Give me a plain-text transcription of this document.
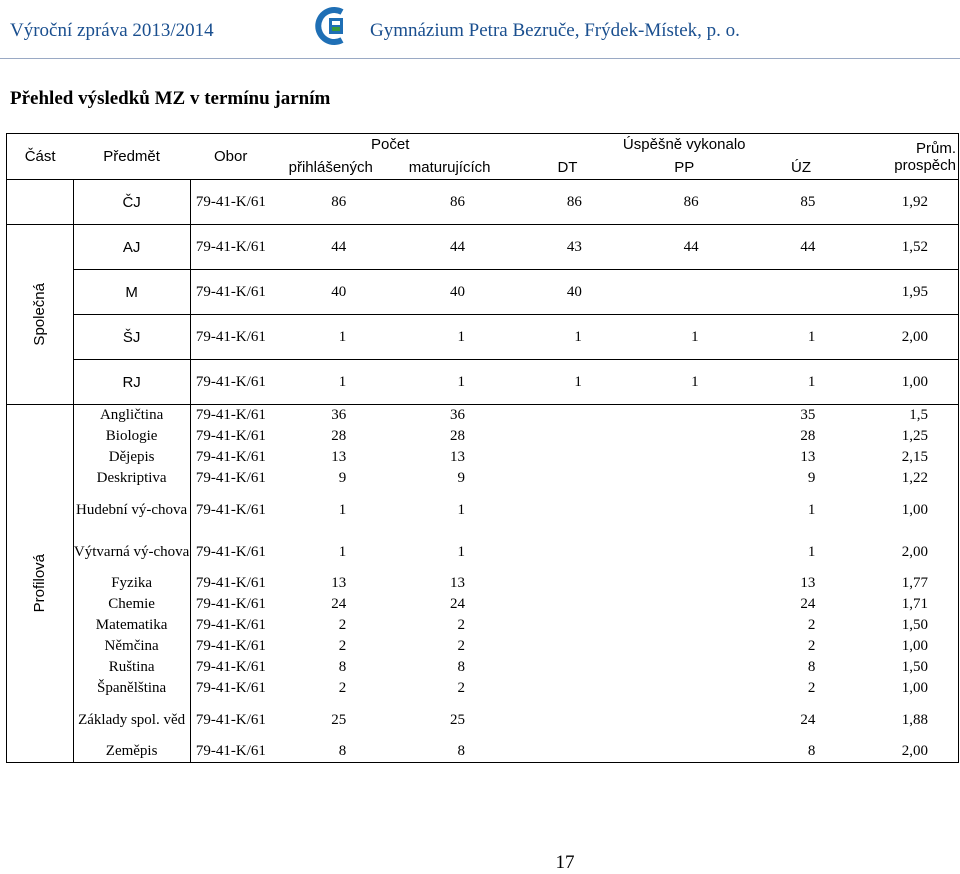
Výroční zpráva 2013/2014	Gymnázium Petra Bezruče, Frýdek-Místek, p. o.
Přehled výsledků MZ v termínu jarním
Část	Předmět	Obor	Počet		Úspěšně vykonalo			Prům. prospěch
			přihlášených	maturujících	DT	PP	ÚZ	
	ČJ	79-41-K/61	86	86	86	86	85	1,92

Společná	AJ	79-41-K/61	44	44	43	44	44	1,52
	M	79-41-K/61	40	40	40			1,95
	ŠJ	79-41-K/61	1	1	1	1	1	2,00
	RJ	79-41-K/61	1	1	1	1	1	1,00

Profilová	Angličtina	79-41-K/61	36	36			35	1,5
	Biologie	79-41-K/61	28	28			28	1,25
	Dějepis	79-41-K/61	13	13			13	2,15
	Deskriptiva	79-41-K/61	9	9			9	1,22
	Hudební vý-chova	79-41-K/61	1	1			1	1,00
	Výtvarná vý-chova	79-41-K/61	1	1			1	2,00
	Fyzika	79-41-K/61	13	13			13	1,77
	Chemie	79-41-K/61	24	24			24	1,71
	Matematika	79-41-K/61	2	2			2	1,50
	Němčina	79-41-K/61	2	2			2	1,00
	Ruština	79-41-K/61	8	8			8	1,50
	Španělština	79-41-K/61	2	2			2	1,00
	Základy spol. věd	79-41-K/61	25	25			24	1,88
	Zeměpis	79-41-K/61	8	8			8	2,00
17
